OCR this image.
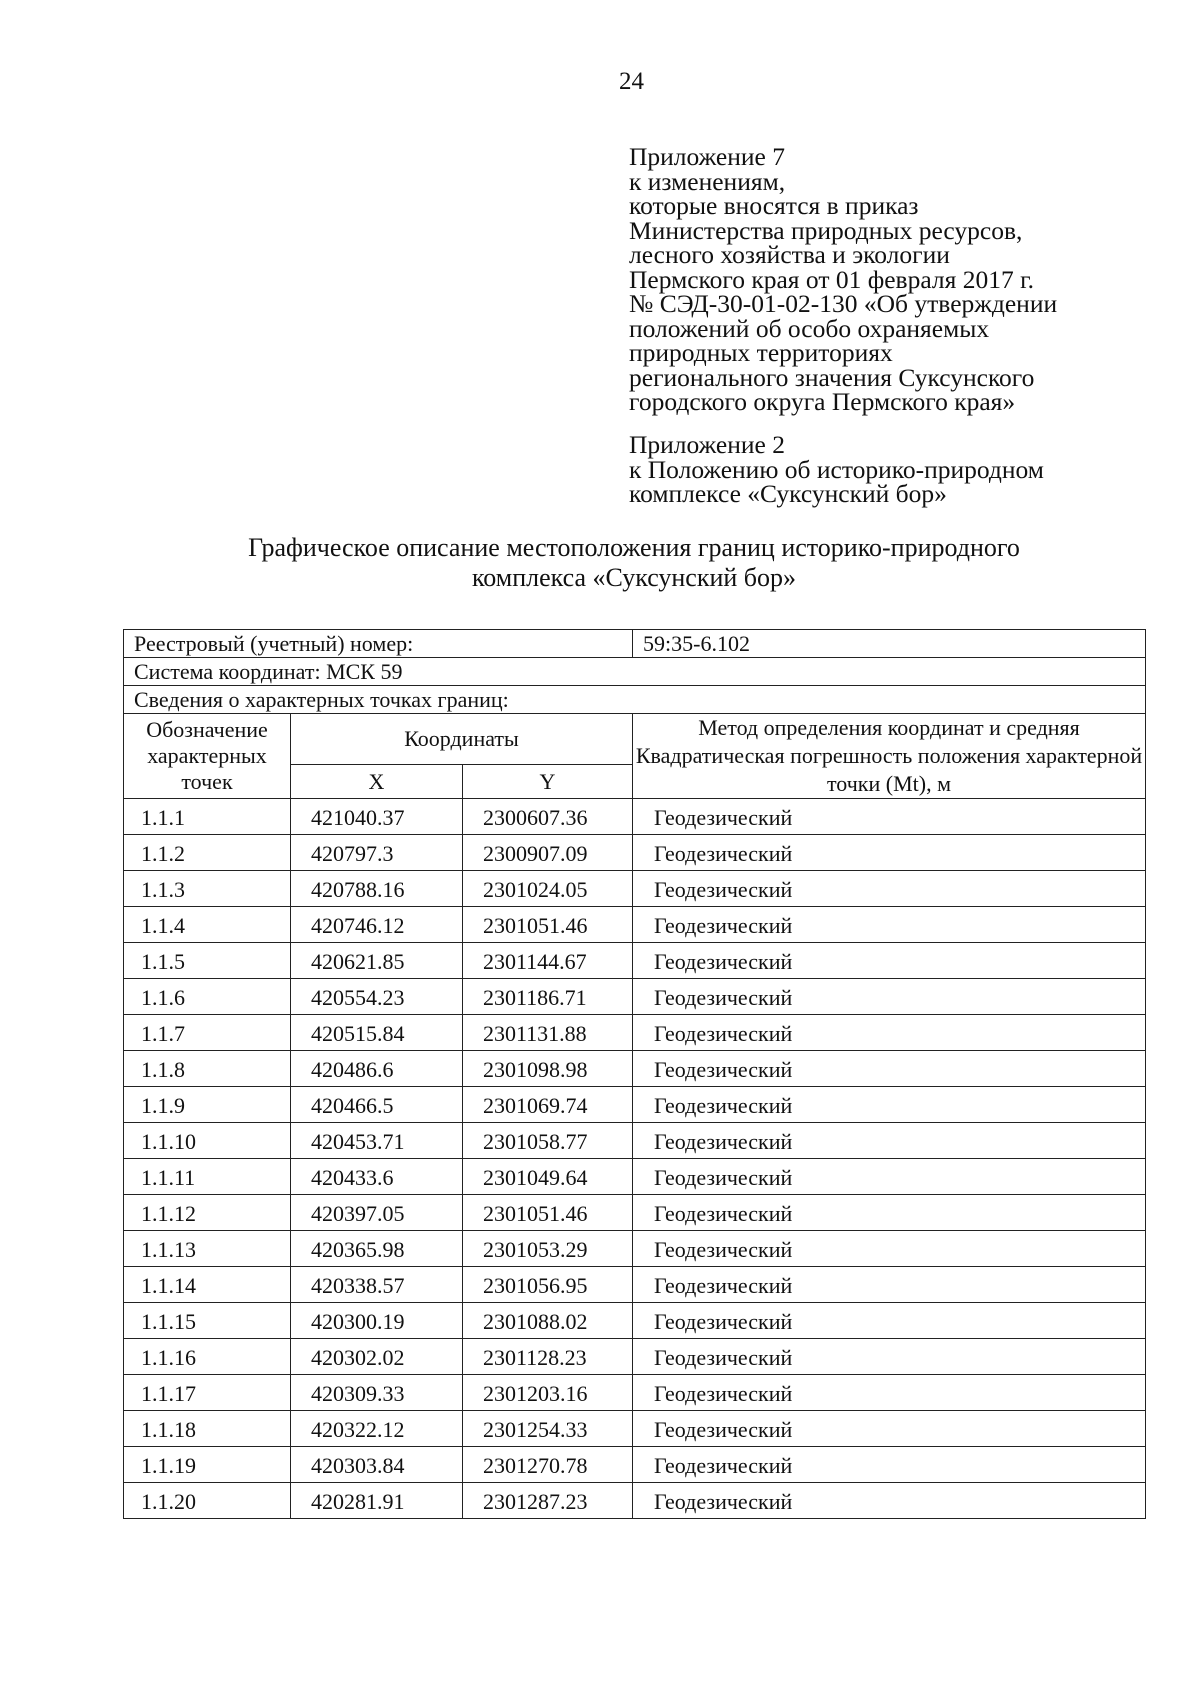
24
Приложение 7
к изменениям,
которые вносятся в приказ
Министерства природных ресурсов,
лесного хозяйства и экологии
Пермского края от 01 февраля 2017 г.
№ СЭД-30-01-02-130 «Об утверждении
положений об особо охраняемых
природных территориях
регионального значения Суксунского
городского округа Пермского края»
Приложение 2
к Положению об историко-природном
комплексе «Суксунский бор»
Графическое описание местоположения границ историко-природного
комплекса «Суксунский бор»
Реестровый (учетный) номер:			59:35-6.102
Система координат: МСК 59			
Сведения о характерных точках границ:			
Обозначение характерных точек	Координаты		Метод определения координат и средняя Квадратическая погрешность положения характерной точки (Mt), м
	X	Y	
1.1.1	421040.37	2300607.36	Геодезический
1.1.2	420797.3	2300907.09	Геодезический
1.1.3	420788.16	2301024.05	Геодезический
1.1.4	420746.12	2301051.46	Геодезический
1.1.5	420621.85	2301144.67	Геодезический
1.1.6	420554.23	2301186.71	Геодезический
1.1.7	420515.84	2301131.88	Геодезический
1.1.8	420486.6	2301098.98	Геодезический
1.1.9	420466.5	2301069.74	Геодезический
1.1.10	420453.71	2301058.77	Геодезический
1.1.11	420433.6	2301049.64	Геодезический
1.1.12	420397.05	2301051.46	Геодезический
1.1.13	420365.98	2301053.29	Геодезический
1.1.14	420338.57	2301056.95	Геодезический
1.1.15	420300.19	2301088.02	Геодезический
1.1.16	420302.02	2301128.23	Геодезический
1.1.17	420309.33	2301203.16	Геодезический
1.1.18	420322.12	2301254.33	Геодезический
1.1.19	420303.84	2301270.78	Геодезический
1.1.20	420281.91	2301287.23	Геодезический
